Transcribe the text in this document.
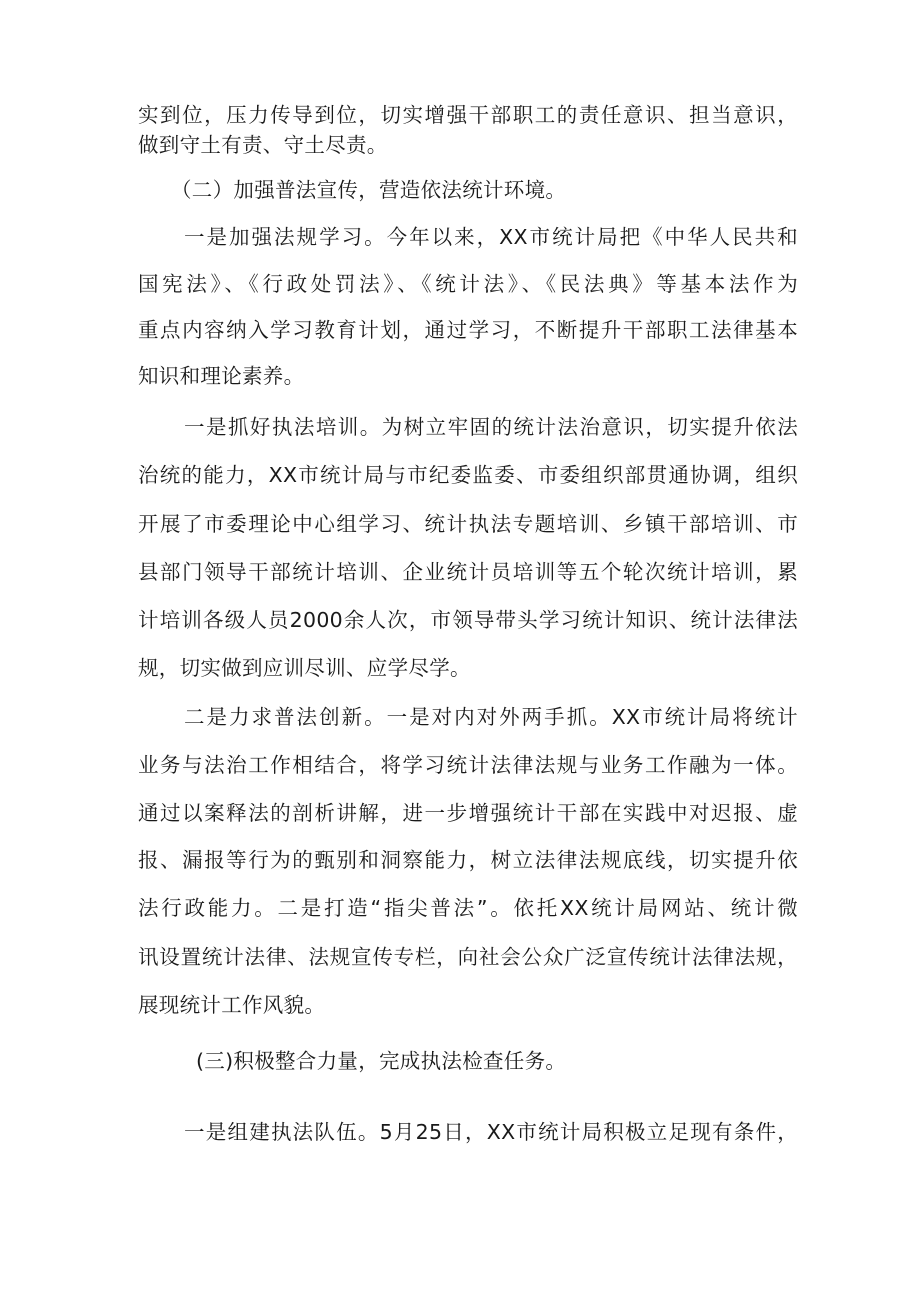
实到位，压力传导到位，切实增强干部职工的责任意识、担当意识，
做到守土有责、守土尽责。
（二）加强普法宣传，营造依法统计环境。
一是加强法规学习。今年以来，XX市统计局把《中华人民共和
国宪法》、《行政处罚法》、《统计法》、《民法典》等基本法作为
重点内容纳入学习教育计划，通过学习，不断提升干部职工法律基本
知识和理论素养。
一是抓好执法培训。为树立牢固的统计法治意识，切实提升依法
治统的能力，XX市统计局与市纪委监委、市委组织部贯通协调，组织
开展了市委理论中心组学习、统计执法专题培训、乡镇干部培训、市
县部门领导干部统计培训、企业统计员培训等五个轮次统计培训，累
计培训各级人员2000余人次，市领导带头学习统计知识、统计法律法
规，切实做到应训尽训、应学尽学。
二是力求普法创新。一是对内对外两手抓。XX市统计局将统计
业务与法治工作相结合，将学习统计法律法规与业务工作融为一体。
通过以案释法的剖析讲解，进一步增强统计干部在实践中对迟报、虚
报、漏报等行为的甄别和洞察能力，树立法律法规底线，切实提升依
法行政能力。二是打造“指尖普法”。依托XX统计局网站、统计微
讯设置统计法律、法规宣传专栏，向社会公众广泛宣传统计法律法规，
展现统计工作风貌。
(三)积极整合力量，完成执法检查任务。
一是组建执法队伍。5月25日，XX市统计局积极立足现有条件，
